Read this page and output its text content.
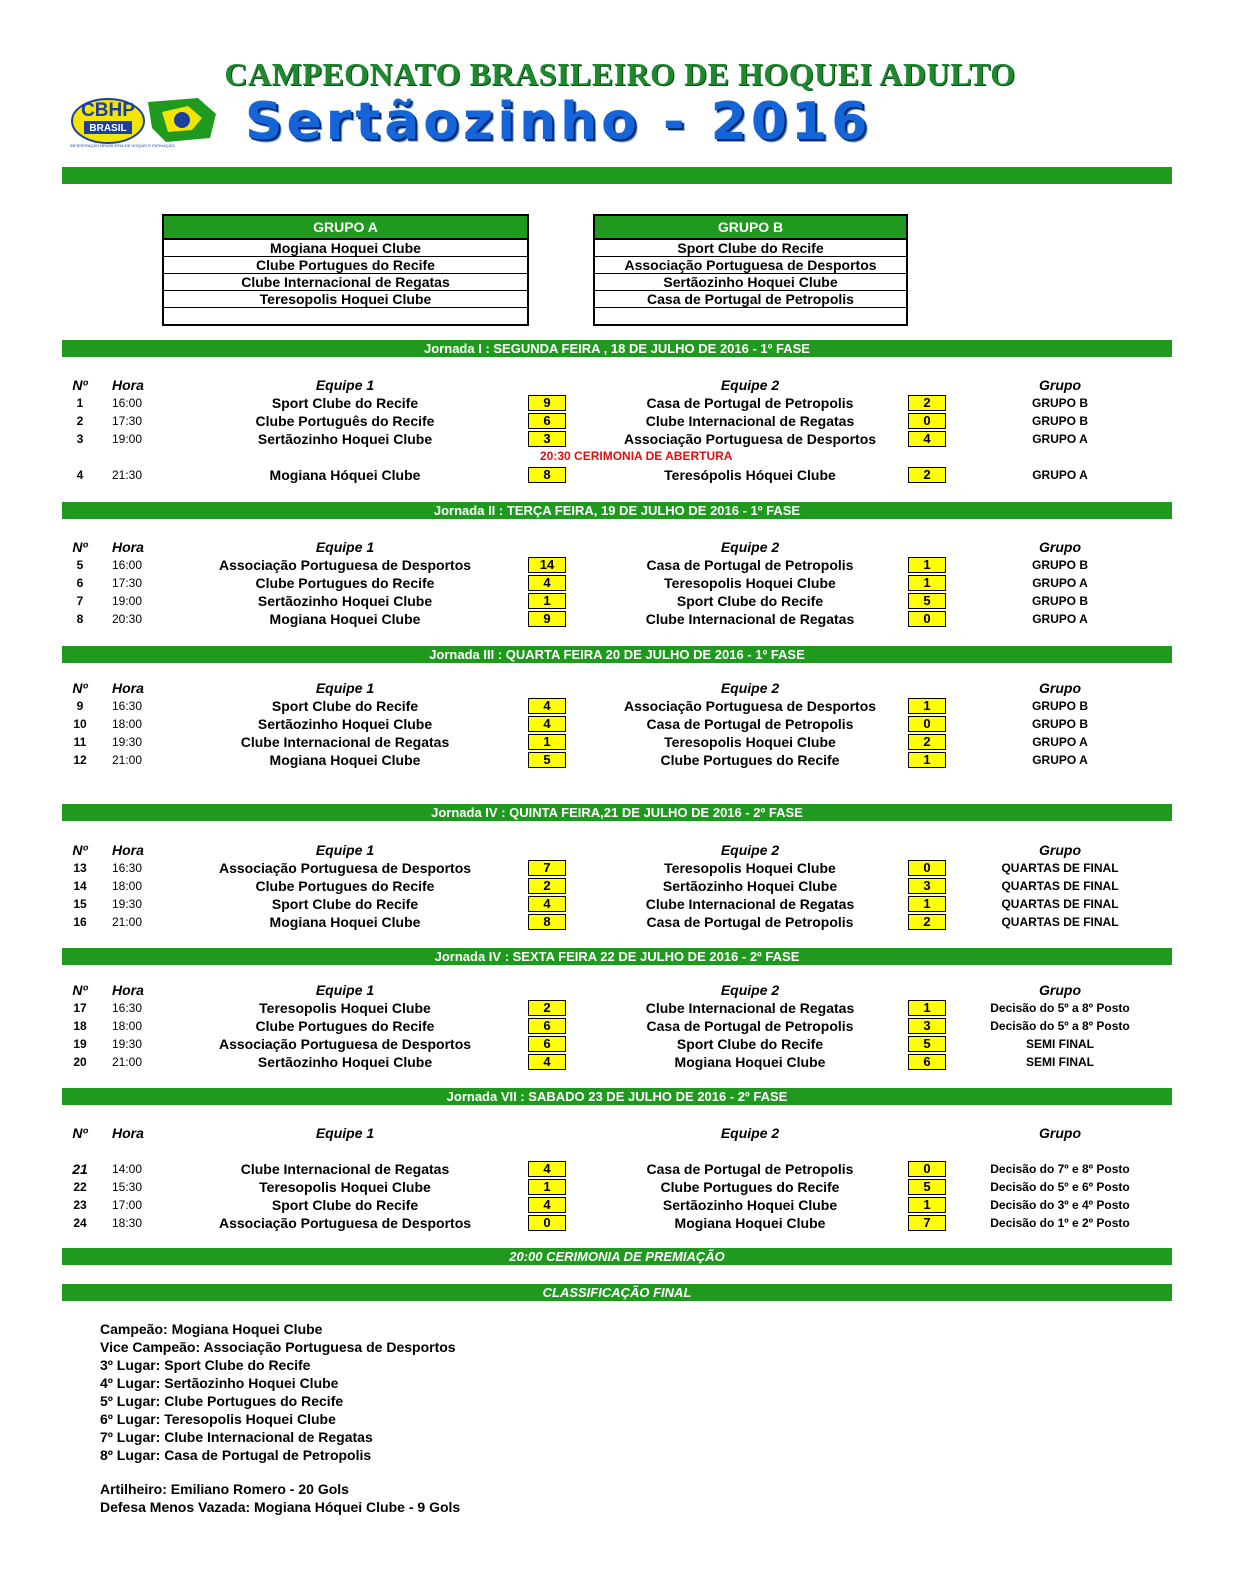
CAMPEONATO BRASILEIRO DE HOQUEI ADULTO
CBHP
BRASIL
CONFEDERAÇÃO BRASILEIRA DE HOQUEI E PATINAÇÃO Sertãozinho - 2016
GRUPO A
Mogiana Hoquei Clube
Clube Portugues do Recife
Clube Internacional de Regatas
Teresopolis Hoquei Clube
GRUPO B
Sport Clube do Recife
Associação Portuguesa de Desportos
Sertãozinho Hoquei Clube
Casa de Portugal de Petropolis
Jornada I : SEGUNDA FEIRA , 18 DE JULHO DE 2016 - 1º FASE
Nº	Hora	Equipe 1	Equipe 2	Grupo
1	16:00	Sport Clube do Recife	9	Casa de Portugal de Petropolis	2	GRUPO B
2	17:30	Clube Português do Recife	6	Clube Internacional de Regatas	0	GRUPO B
3	19:00	Sertãozinho Hoquei Clube	3	Associação Portuguesa de Desportos	4	GRUPO A
4	21:30	Mogiana Hóquei Clube	8	Teresópolis Hóquei Clube	2	GRUPO A
Jornada II : TERÇA FEIRA, 19 DE JULHO DE 2016 - 1º FASE
Nº	Hora	Equipe 1	Equipe 2	Grupo
5	16:00	Associação Portuguesa de Desportos	14	Casa de Portugal de Petropolis	1	GRUPO B
6	17:30	Clube Portugues do Recife	4	Teresopolis Hoquei Clube	1	GRUPO A
7	19:00	Sertãozinho Hoquei Clube	1	Sport Clube do Recife	5	GRUPO B
8	20:30	Mogiana Hoquei Clube	9	Clube Internacional de Regatas	0	GRUPO A
Jornada III : QUARTA FEIRA 20 DE JULHO DE 2016 - 1º FASE
Nº	Hora	Equipe 1	Equipe 2	Grupo
9	16:30	Sport Clube do Recife	4	Associação Portuguesa de Desportos	1	GRUPO B
10	18:00	Sertãozinho Hoquei Clube	4	Casa de Portugal de Petropolis	0	GRUPO B
11	19:30	Clube Internacional de Regatas	1	Teresopolis Hoquei Clube	2	GRUPO A
12	21:00	Mogiana Hoquei Clube	5	Clube Portugues do Recife	1	GRUPO A
Jornada IV : QUINTA FEIRA,21 DE JULHO DE 2016 - 2º FASE
Nº	Hora	Equipe 1	Equipe 2	Grupo
13	16:30	Associação Portuguesa de Desportos	7	Teresopolis Hoquei Clube	0	QUARTAS DE FINAL
14	18:00	Clube Portugues do Recife	2	Sertãozinho Hoquei Clube	3	QUARTAS DE FINAL
15	19:30	Sport Clube do Recife	4	Clube Internacional de Regatas	1	QUARTAS DE FINAL
16	21:00	Mogiana Hoquei Clube	8	Casa de Portugal de Petropolis	2	QUARTAS DE FINAL
Jornada IV : SEXTA FEIRA 22 DE JULHO DE 2016 - 2º FASE
Nº	Hora	Equipe 1	Equipe 2	Grupo
17	16:30	Teresopolis Hoquei Clube	2	Clube Internacional de Regatas	1	Decisão do 5º a 8º Posto
18	18:00	Clube Portugues do Recife	6	Casa de Portugal de Petropolis	3	Decisão do 5º a 8º Posto
19	19:30	Associação Portuguesa de Desportos	6	Sport Clube do Recife	5	SEMI FINAL
20	21:00	Sertãozinho Hoquei Clube	4	Mogiana Hoquei Clube	6	SEMI FINAL
Jornada VII : SABADO 23 DE JULHO DE 2016 - 2º FASE
Nº	Hora	Equipe 1	Equipe 2	Grupo
21	14:00	Clube Internacional de Regatas	4	Casa de Portugal de Petropolis	0	Decisão do 7º e 8º Posto
22	15:30	Teresopolis Hoquei Clube	1	Clube Portugues do Recife	5	Decisão do 5º e 6º Posto
23	17:00	Sport Clube do Recife	4	Sertãozinho Hoquei Clube	1	Decisão do 3º e 4º Posto
24	18:30	Associação Portuguesa de Desportos	0	Mogiana Hoquei Clube	7	Decisão do 1º e 2º Posto
20:30 CERIMONIA DE ABERTURA
20:00 CERIMONIA DE PREMIAÇÃO
CLASSIFICAÇÃO FINAL
Campeão: Mogiana Hoquei Clube
Vice Campeão: Associação Portuguesa de Desportos
3º Lugar: Sport Clube do Recife
4º Lugar: Sertãozinho Hoquei Clube
5º Lugar: Clube Portugues do Recife
6º Lugar: Teresopolis Hoquei Clube
7º Lugar: Clube Internacional de Regatas
8º Lugar: Casa de Portugal de Petropolis
Artilheiro: Emiliano Romero - 20 Gols
Defesa Menos Vazada: Mogiana Hóquei Clube - 9 Gols
